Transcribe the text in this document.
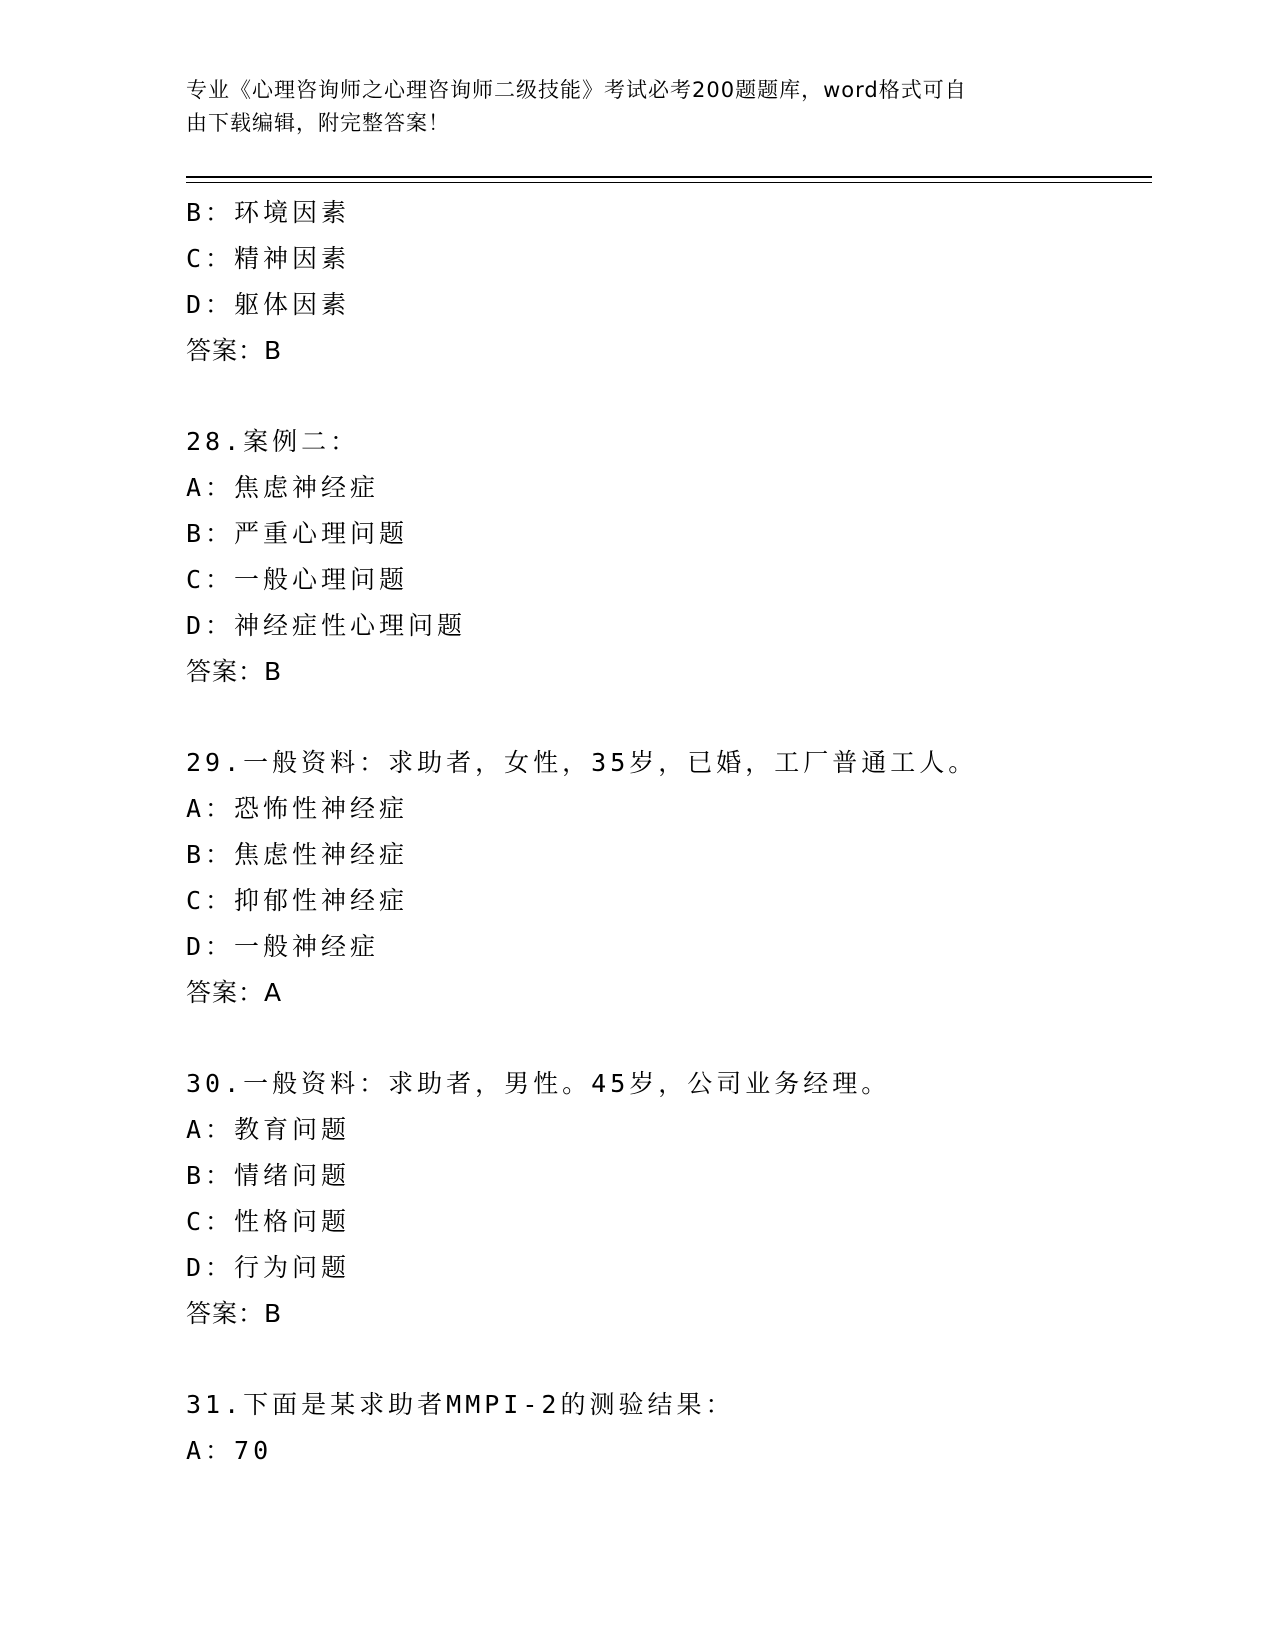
专业《心理咨询师之心理咨询师二级技能》考试必考200题题库，word格式可自
由下载编辑，附完整答案！
B：环境因素
C：精神因素
D：躯体因素
答案：B
28.案例二：
A：焦虑神经症
B：严重心理问题
C：一般心理问题
D：神经症性心理问题
答案：B
29.一般资料：求助者，女性，35岁，已婚，工厂普通工人。
A：恐怖性神经症
B：焦虑性神经症
C：抑郁性神经症
D：一般神经症
答案：A
30.一般资料：求助者，男性。45岁，公司业务经理。
A：教育问题
B：情绪问题
C：性格问题
D：行为问题
答案：B
31.下面是某求助者MMPI-2的测验结果：
A：70
